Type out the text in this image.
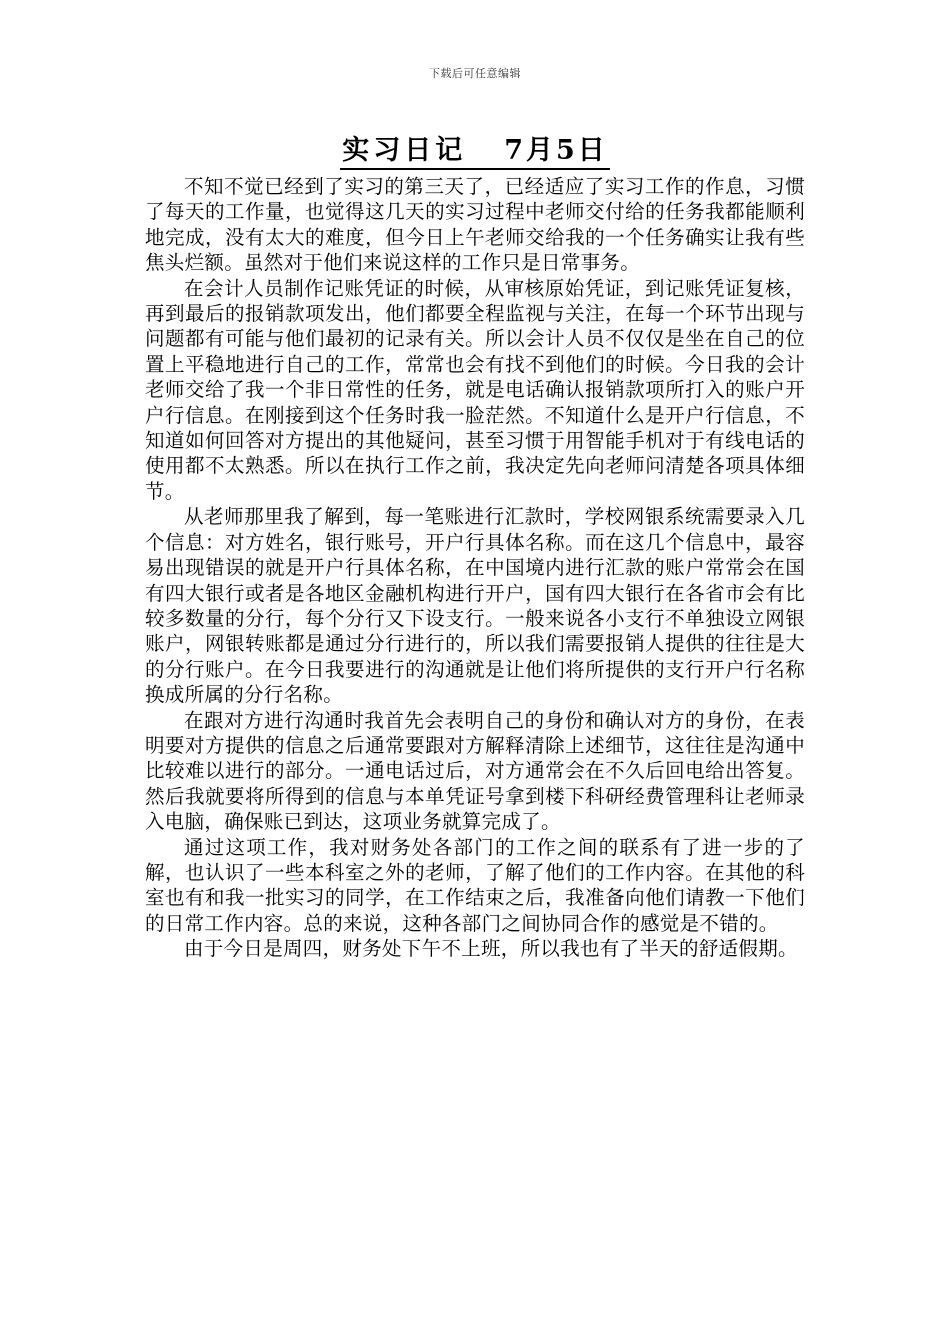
下载后可任意编辑
实习日记 7月5日

不知不觉已经到了实习的第三天了，已经适应了实习工作的作息，习惯了每天的工作量，也觉得这几天的实习过程中老师交付给的任务我都能顺利地完成，没有太大的难度，但今日上午老师交给我的一个任务确实让我有些焦头烂额。虽然对于他们来说这样的工作只是日常事务。

在会计人员制作记账凭证的时候，从审核原始凭证，到记账凭证复核，再到最后的报销款项发出，他们都要全程监视与关注，在每一个环节出现与问题都有可能与他们最初的记录有关。所以会计人员不仅仅是坐在自己的位置上平稳地进行自己的工作，常常也会有找不到他们的时候。今日我的会计老师交给了我一个非日常性的任务，就是电话确认报销款项所打入的账户开户行信息。在刚接到这个任务时我一脸茫然。不知道什么是开户行信息，不知道如何回答对方提出的其他疑问，甚至习惯于用智能手机对于有线电话的使用都不太熟悉。所以在执行工作之前，我决定先向老师问清楚各项具体细节。

从老师那里我了解到，每一笔账进行汇款时，学校网银系统需要录入几个信息：对方姓名，银行账号，开户行具体名称。而在这几个信息中，最容易出现错误的就是开户行具体名称，在中国境内进行汇款的账户常常会在国有四大银行或者是各地区金融机构进行开户，国有四大银行在各省市会有比较多数量的分行，每个分行又下设支行。一般来说各小支行不单独设立网银账户，网银转账都是通过分行进行的，所以我们需要报销人提供的往往是大的分行账户。在今日我要进行的沟通就是让他们将所提供的支行开户行名称换成所属的分行名称。

在跟对方进行沟通时我首先会表明自己的身份和确认对方的身份，在表明要对方提供的信息之后通常要跟对方解释清除上述细节，这往往是沟通中比较难以进行的部分。一通电话过后，对方通常会在不久后回电给出答复。然后我就要将所得到的信息与本单凭证号拿到楼下科研经费管理科让老师录入电脑，确保账已到达，这项业务就算完成了。

通过这项工作，我对财务处各部门的工作之间的联系有了进一步的了解，也认识了一些本科室之外的老师，了解了他们的工作内容。在其他的科室也有和我一批实习的同学，在工作结束之后，我准备向他们请教一下他们的日常工作内容。总的来说，这种各部门之间协同合作的感觉是不错的。

由于今日是周四，财务处下午不上班，所以我也有了半天的舒适假期。
